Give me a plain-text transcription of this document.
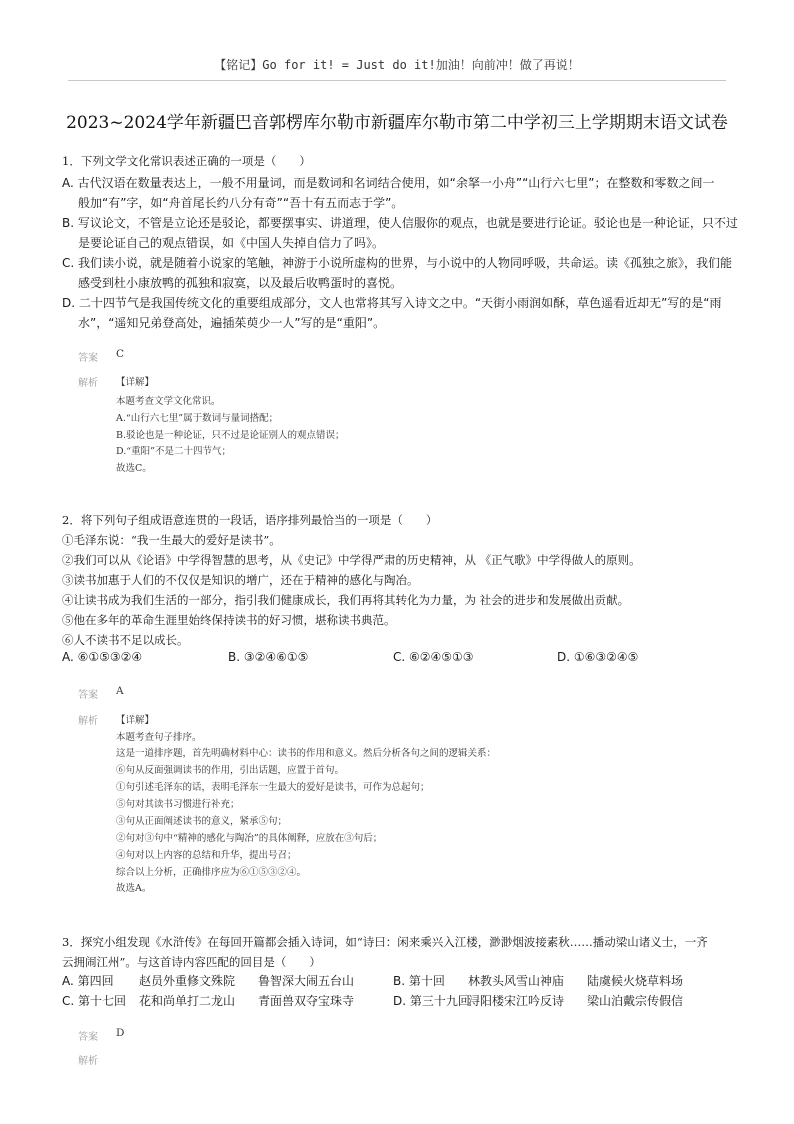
【铭记】Go for it! = Just do it!加油！向前冲！做了再说！
2023~2024学年新疆巴音郭楞库尔勒市新疆库尔勒市第二中学初三上学期期末语文试卷
1．下列文学文化常识表述正确的一项是（　　）
A. 古代汉语在数量表达上，一般不用量词，而是数词和名词结合使用，如“余拏一小舟”“山行六七里”；在整数和零数之间一
般加“有”字，如“舟首尾长约八分有奇”“吾十有五而志于学”。
B. 写议论文，不管是立论还是驳论，都要摆事实、讲道理，使人信服你的观点，也就是要进行论证。驳论也是一种论证，只不过
是要论证自己的观点错误，如《中国人失掉自信力了吗》。
C. 我们读小说，就是随着小说家的笔触，神游于小说所虚构的世界，与小说中的人物同呼吸，共命运。读《孤独之旅》，我们能
感受到杜小康放鸭的孤独和寂寞，以及最后收鸭蛋时的喜悦。
D. 二十四节气是我国传统文化的重要组成部分，文人也常将其写入诗文之中。“天街小雨润如酥，草色遥看近却无”写的是“雨
水”，“遥知兄弟登高处，遍插茱萸少一人”写的是“重阳”。
答案 C
解析 【详解】
本题考查文学文化常识。
A.“山行六七里”属于数词与量词搭配；
B.驳论也是一种论证，只不过是论证别人的观点错误；
D.“重阳”不是二十四节气；
故选C。
2．将下列句子组成语意连贯的一段话，语序排列最恰当的一项是（　　）
①毛泽东说：“我一生最大的爱好是读书”。
②我们可以从《论语》中学得智慧的思考，从《史记》中学得严肃的历史精神，从 《正气歌》中学得做人的原则。
③读书加惠于人们的不仅仅是知识的增广，还在于精神的感化与陶冶。
④让读书成为我们生活的一部分，指引我们健康成长，我们再将其转化为力量，为 社会的进步和发展做出贡献。
⑤他在多年的革命生涯里始终保持读书的好习惯，堪称读书典范。
⑥人不读书不足以成长。
A. ⑥①⑤③②④	B. ③②④⑥①⑤	C. ⑥②④⑤①③	D. ①⑥③②④⑤
答案 A
解析 【详解】
本题考查句子排序。
这是一道排序题，首先明确材料中心：读书的作用和意义。然后分析各句之间的逻辑关系：
⑥句从反面强调读书的作用，引出话题，应置于首句。
①句引述毛泽东的话，表明毛泽东一生最大的爱好是读书，可作为总起句；
⑤句对其读书习惯进行补充；
③句从正面阐述读书的意义，紧承⑤句；
②句对③句中“精神的感化与陶冶”的具体阐释，应放在③句后；
④句对以上内容的总结和升华，提出号召；
综合以上分析，正确排序应为⑥①⑤③②④。
故选A。
3．探究小组发现《水浒传》在每回开篇都会插入诗词，如“诗曰：闲来乘兴入江楼，渺渺烟波接素秋……播动梁山诸义士，一齐
云拥闹江州”。与这首诗内容匹配的回目是（　　）
A. 第四回 赵员外重修文殊院 鲁智深大闹五台山	B. 第十回 林教头风雪山神庙 陆虞候火烧草料场
C. 第十七回 花和尚单打二龙山 青面兽双夺宝珠寺	D. 第三十九回
浔阳楼宋江吟反诗 梁山泊戴宗传假信
答案 D
解析
